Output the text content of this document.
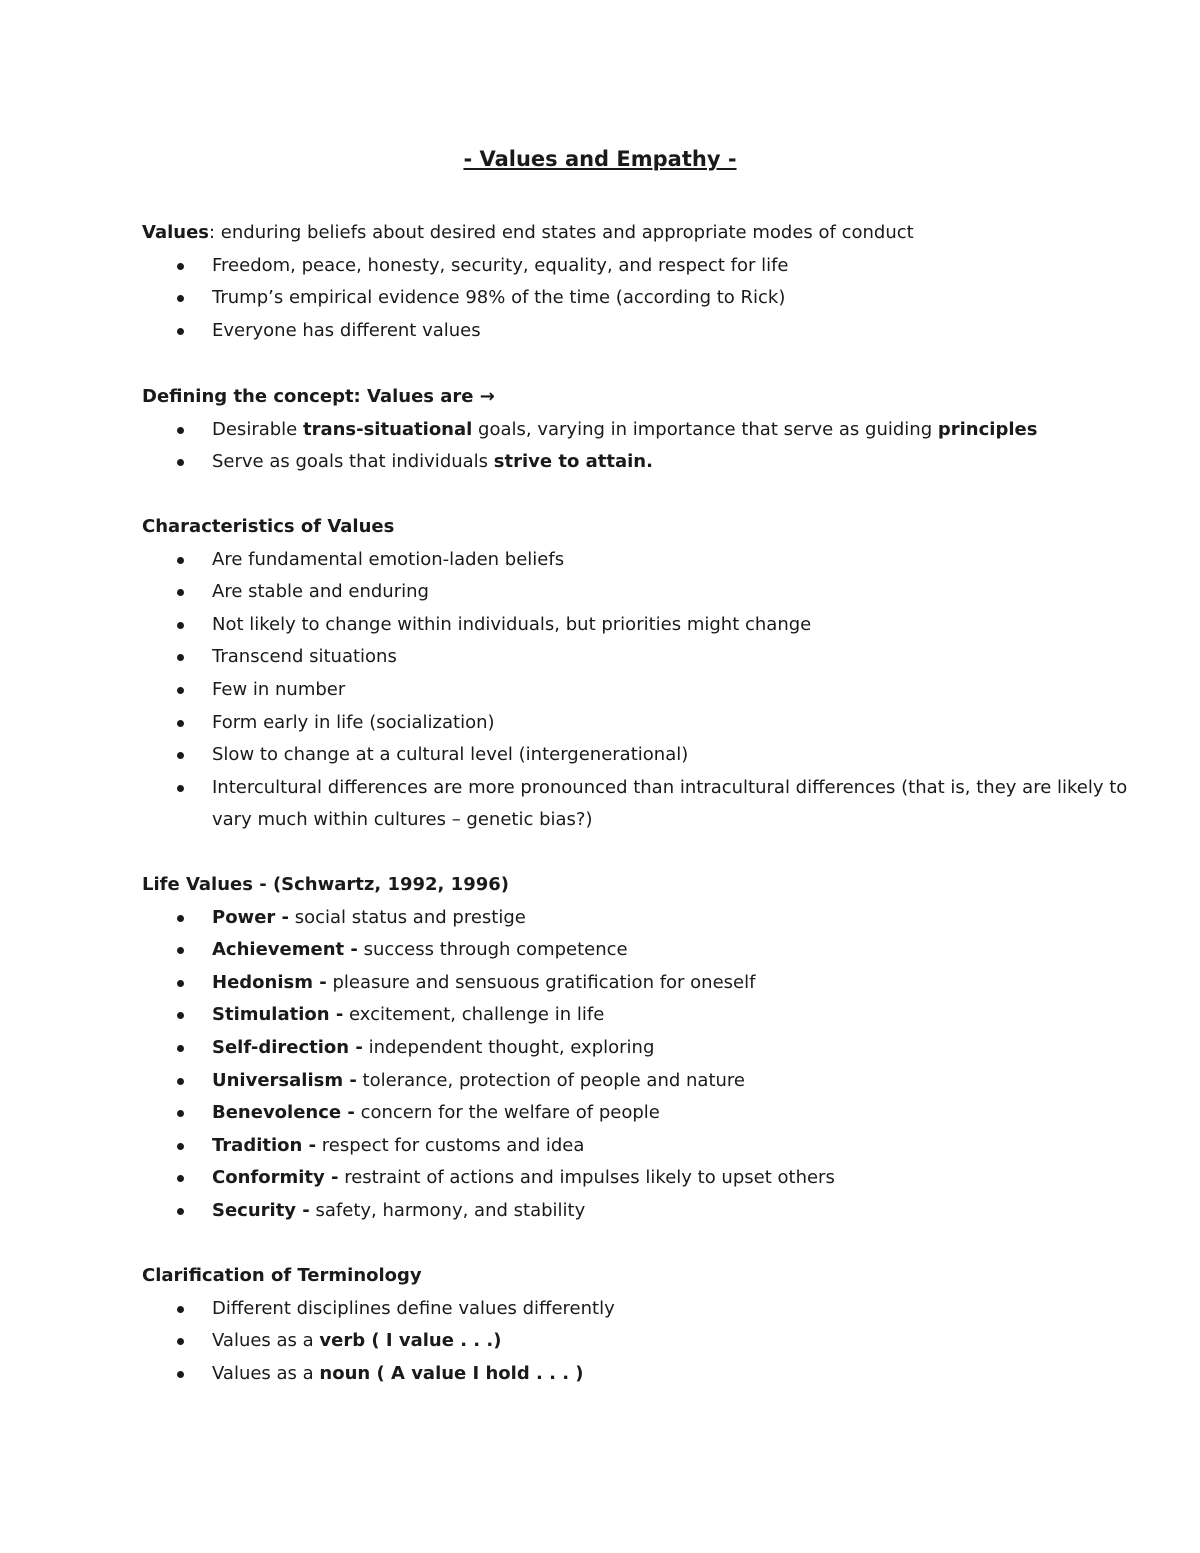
- Values and Empathy -
Values: enduring beliefs about desired end states and appropriate modes of conduct
Freedom, peace, honesty, security, equality, and respect for life
Trump’s empirical evidence 98% of the time (according to Rick)
Everyone has different values
Defining the concept: Values are →
Desirable trans-situational goals, varying in importance that serve as guiding principles
Serve as goals that individuals strive to attain.
Characteristics of Values
Are fundamental emotion-laden beliefs
Are stable and enduring
Not likely to change within individuals, but priorities might change
Transcend situations
Few in number
Form early in life (socialization)
Slow to change at a cultural level (intergenerational)
Intercultural differences are more pronounced than intracultural differences (that is, they are likely to
vary much within cultures – genetic bias?)
Life Values - (Schwartz, 1992, 1996)
Power - social status and prestige
Achievement - success through competence
Hedonism - pleasure and sensuous gratification for oneself
Stimulation - excitement, challenge in life
Self-direction - independent thought, exploring
Universalism - tolerance, protection of people and nature
Benevolence - concern for the welfare of people
Tradition - respect for customs and idea
Conformity - restraint of actions and impulses likely to upset others
Security - safety, harmony, and stability
Clarification of Terminology
Different disciplines define values differently
Values as a verb ( I value . . .)
Values as a noun ( A value I hold . . . )
